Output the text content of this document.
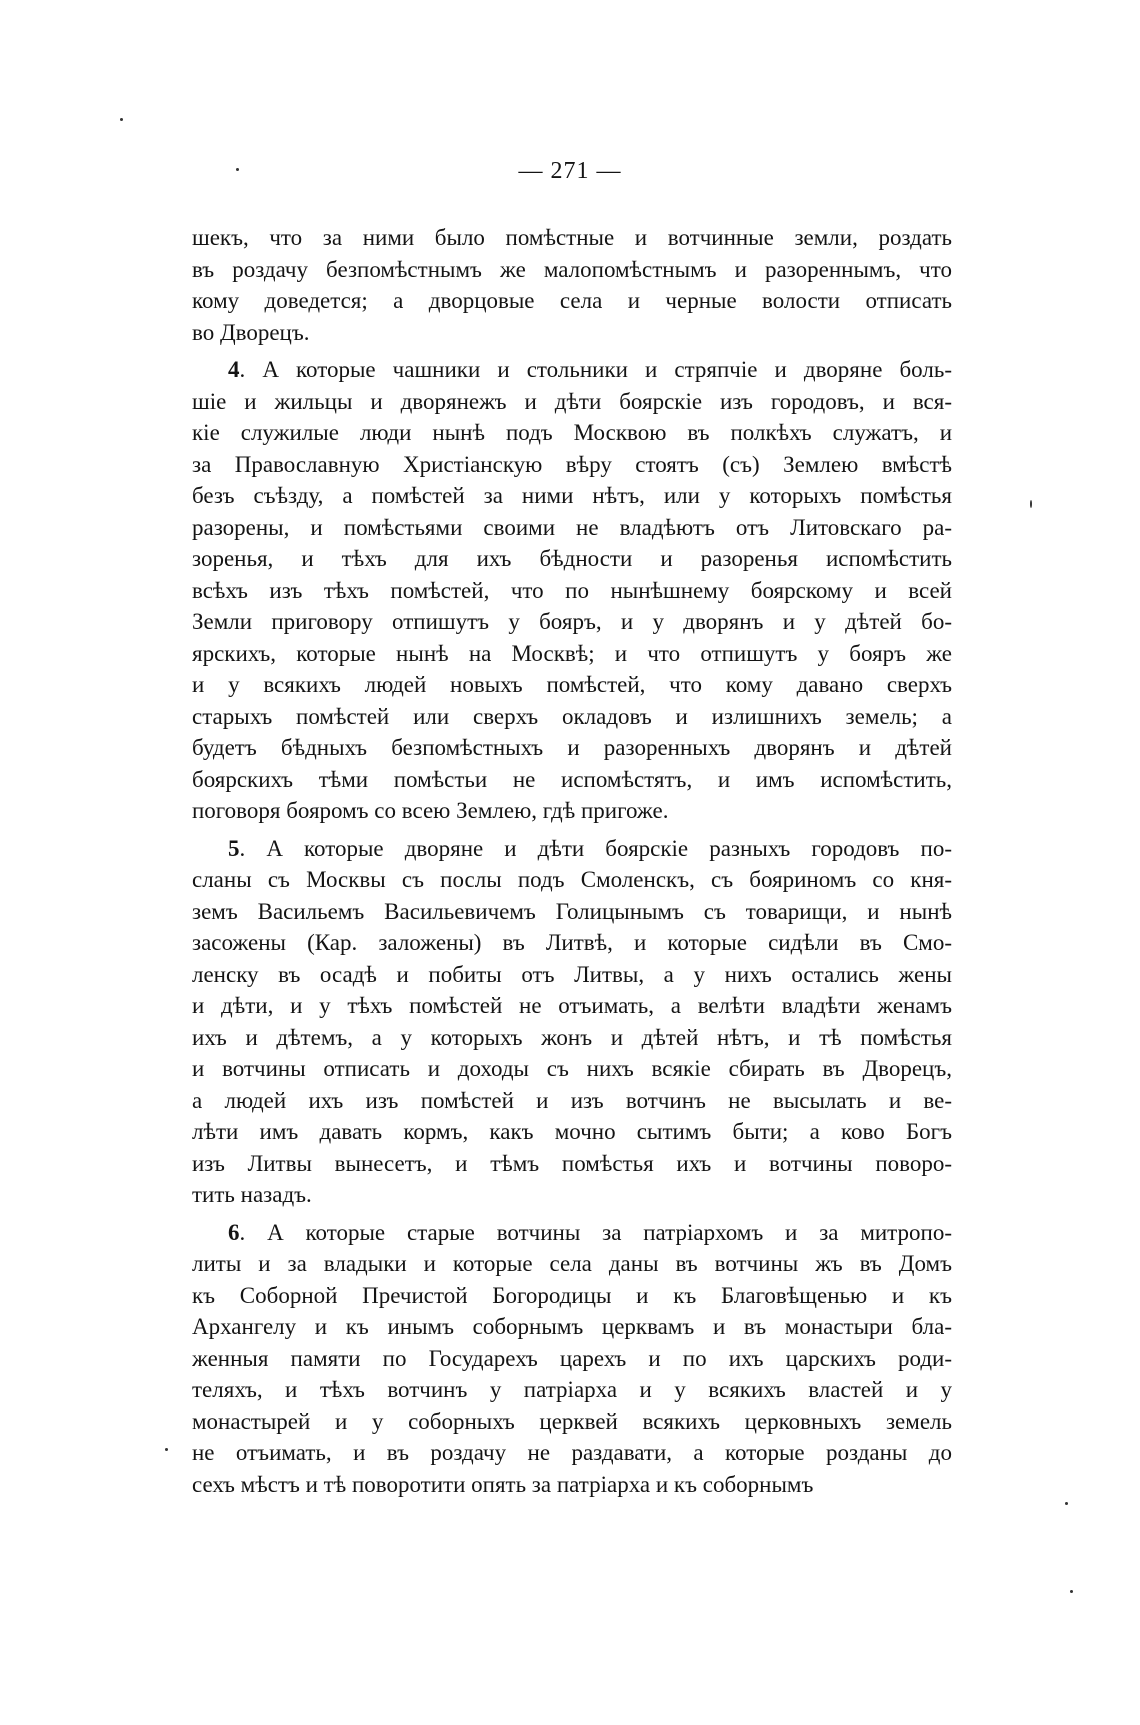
— 271 —
шекъ, что за ними было помѣстные и вотчинные земли, роздать
въ роздачу безпомѣстнымъ же малопомѣстнымъ и разореннымъ, что
кому доведется; а дворцовые села и черные волости отписать
во Дворецъ.
4. А которые чашники и стольники и стряпчіе и дворяне боль-
шіе и жильцы и дворянежъ и дѣти боярскіе изъ городовъ, и вся-
кіе служилые люди нынѣ подъ Москвою въ полкѣхъ служатъ, и
за Православную Христіанскую вѣру стоятъ (съ) Землею вмѣстѣ
безъ съѣзду, а помѣстей за ними нѣтъ, или у которыхъ помѣстья
разорены, и помѣстьями своими не владѣютъ отъ Литовскаго ра-
зоренья, и тѣхъ для ихъ бѣдности и разоренья испомѣстить
всѣхъ изъ тѣхъ помѣстей, что по нынѣшнему боярскому и всей
Земли приговору отпишутъ у бояръ, и у дворянъ и у дѣтей бо-
ярскихъ, которые нынѣ на Москвѣ; и что отпишутъ у бояръ же
и у всякихъ людей новыхъ помѣстей, что кому давано сверхъ
старыхъ помѣстей или сверхъ окладовъ и излишнихъ земель; а
будетъ бѣдныхъ безпомѣстныхъ и разоренныхъ дворянъ и дѣтей
боярскихъ тѣми помѣстьи не испомѣстятъ, и имъ испомѣстить,
поговоря бояромъ со всею Землею, гдѣ пригоже.
5. А которые дворяне и дѣти боярскіе разныхъ городовъ по-
сланы съ Москвы съ послы подъ Смоленскъ, съ бояриномъ со кня-
земъ Васильемъ Васильевичемъ Голицынымъ съ товарищи, и нынѣ
засожены (Кар. заложены) въ Литвѣ, и которые сидѣли въ Смо-
ленску въ осадѣ и побиты отъ Литвы, а у нихъ остались жены
и дѣти, и у тѣхъ помѣстей не отъимать, а велѣти владѣти женамъ
ихъ и дѣтемъ, а у которыхъ жонъ и дѣтей нѣтъ, и тѣ помѣстья
и вотчины отписать и доходы съ нихъ всякіе сбирать въ Дворецъ,
а людей ихъ изъ помѣстей и изъ вотчинъ не высылать и ве-
лѣти имъ давать кормъ, какъ мочно сытимъ быти; а ково Богъ
изъ Литвы вынесетъ, и тѣмъ помѣстья ихъ и вотчины поворо-
тить назадъ.
6. А которые старые вотчины за патріархомъ и за митропо-
литы и за владыки и которые села даны въ вотчины жъ въ Домъ
къ Соборной Пречистой Богородицы и къ Благовѣщенью и къ
Архангелу и къ инымъ соборнымъ церквамъ и въ монастыри бла-
женныя памяти по Государехъ царехъ и по ихъ царскихъ роди-
теляхъ, и тѣхъ вотчинъ у патріарха и у всякихъ властей и у
монастырей и у соборныхъ церквей всякихъ церковныхъ земель
не отъимать, и въ роздачу не раздавати, а которые розданы до
сехъ мѣстъ и тѣ поворотити опять за патріарха и къ соборнымъ
